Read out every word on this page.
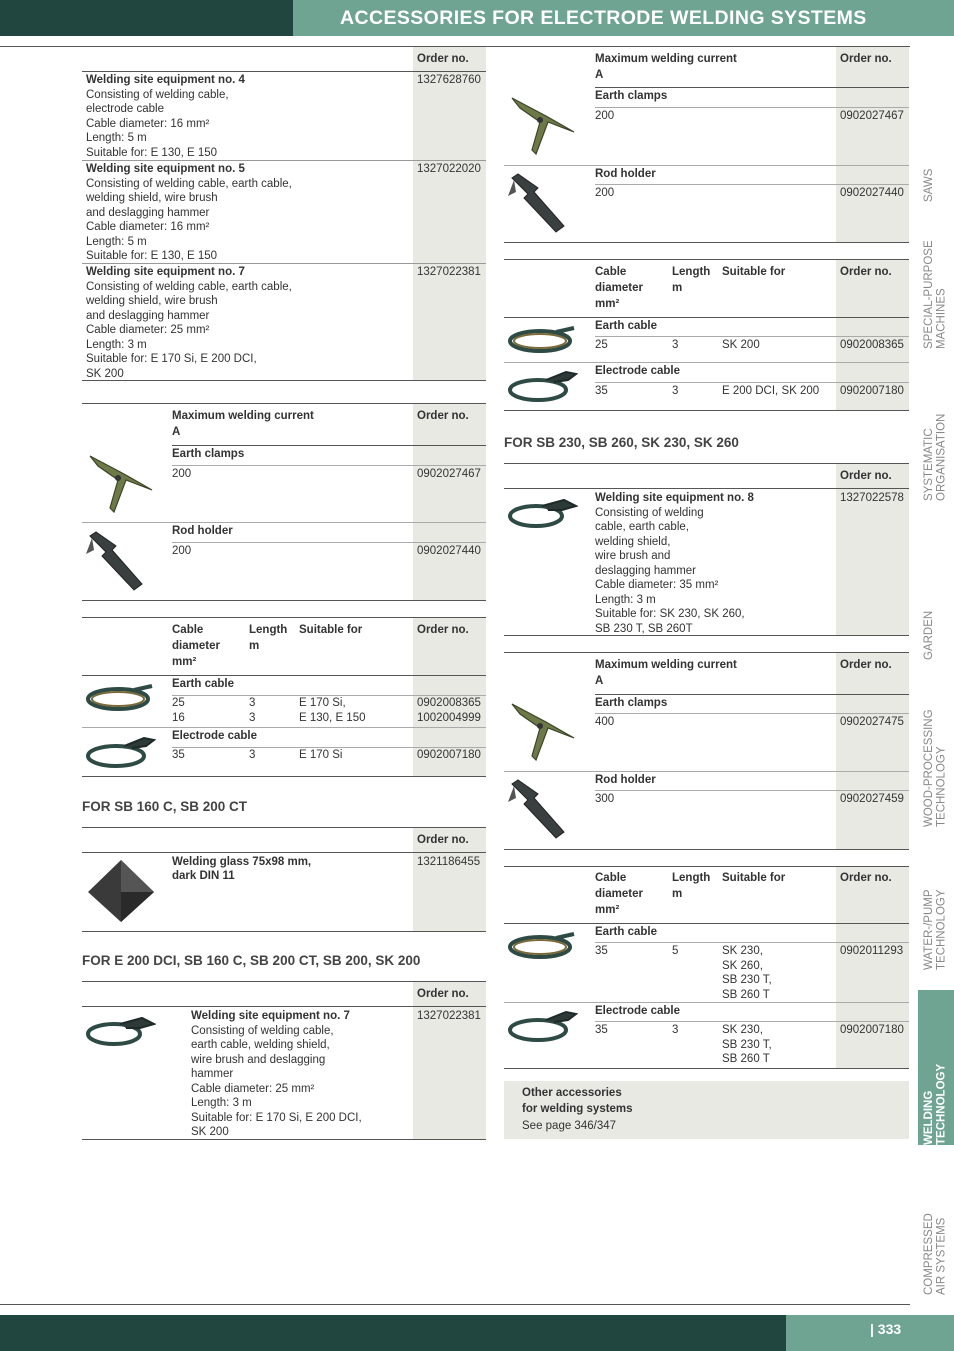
ACCESSORIES FOR ELECTRODE WELDING SYSTEMS
Order no.
Welding site equipment no. 4
Consisting of welding cable,
electrode cable
Cable diameter: 16 mm²
Length: 5 m
Suitable for: E 130, E 150
1327628760
Welding site equipment no. 5
Consisting of welding cable, earth cable,
welding shield, wire brush
and deslagging hammer
Cable diameter: 16 mm²
Length: 5 m
Suitable for: E 130, E 150
1327022020
Welding site equipment no. 7
Consisting of welding cable, earth cable,
welding shield, wire brush
and deslagging hammer
Cable diameter: 25 mm²
Length: 3 m
Suitable for: E 170 Si, E 200 DCI,
SK 200
1327022381
Maximum welding current
A
Order no.
Earth clamps
200	0902027467
Rod holder
200	0902027440
Cable
diameter
mm²
Length
m
Suitable for	Order no.
Earth cable
25	3	E 170 Si,	0902008365
16	3	E 130, E 150	1002004999
Electrode cable
35	3	E 170 Si	0902007180
FOR SB 160 C, SB 200 CT
Order no.
Welding glass 75x98 mm,
dark DIN 11
1321186455
FOR E 200 DCI, SB 160 C, SB 200 CT, SB 200, SK 200
Order no.
Welding site equipment no. 7
Consisting of welding cable,
earth cable, welding shield,
wire brush and deslagging
hammer
Cable diameter: 25 mm²
Length: 3 m
Suitable for: E 170 Si, E 200 DCI,
SK 200
1327022381
Maximum welding current
A
Order no.
Earth clamps
200	0902027467
Rod holder
200	0902027440
Cable
diameter
mm²
Length
m
Suitable for	Order no.
Earth cable
25	3	SK 200	0902008365
Electrode cable
35	3	E 200 DCI, SK 200 0902007180
FOR SB 230, SB 260, SK 230, SK 260
Order no.
Welding site equipment no. 8
Consisting of welding
cable, earth cable,
welding shield,
wire brush and
deslagging hammer
Cable diameter: 35 mm²
Length: 3 m
Suitable for: SK 230, SK 260,
SB 230 T, SB 260T
1327022578
Maximum welding current
A
Order no.
Earth clamps
400	0902027475
Rod holder
300	0902027459
Cable
diameter
mm²
Length
m
Suitable for	Order no.
Earth cable
35	5	SK 230,
SK 260,
SB 230 T,
SB 260 T
0902011293
Electrode cable
35	3	SK 230,
SB 230 T,
SB 260 T
0902007180
Other accessories
for welding systems
See page 346/347
SAWS
SPECIAL-PURPOSE
MACHINES
SYSTEMATIC
ORGANISATION
GARDEN
WOOD-PROCESSING
TECHNOLOGY
WATER-/PUMP
TECHNOLOGY
WELDING
TECHNOLOGY
COMPRESSED
AIR SYSTEMS
| 333
